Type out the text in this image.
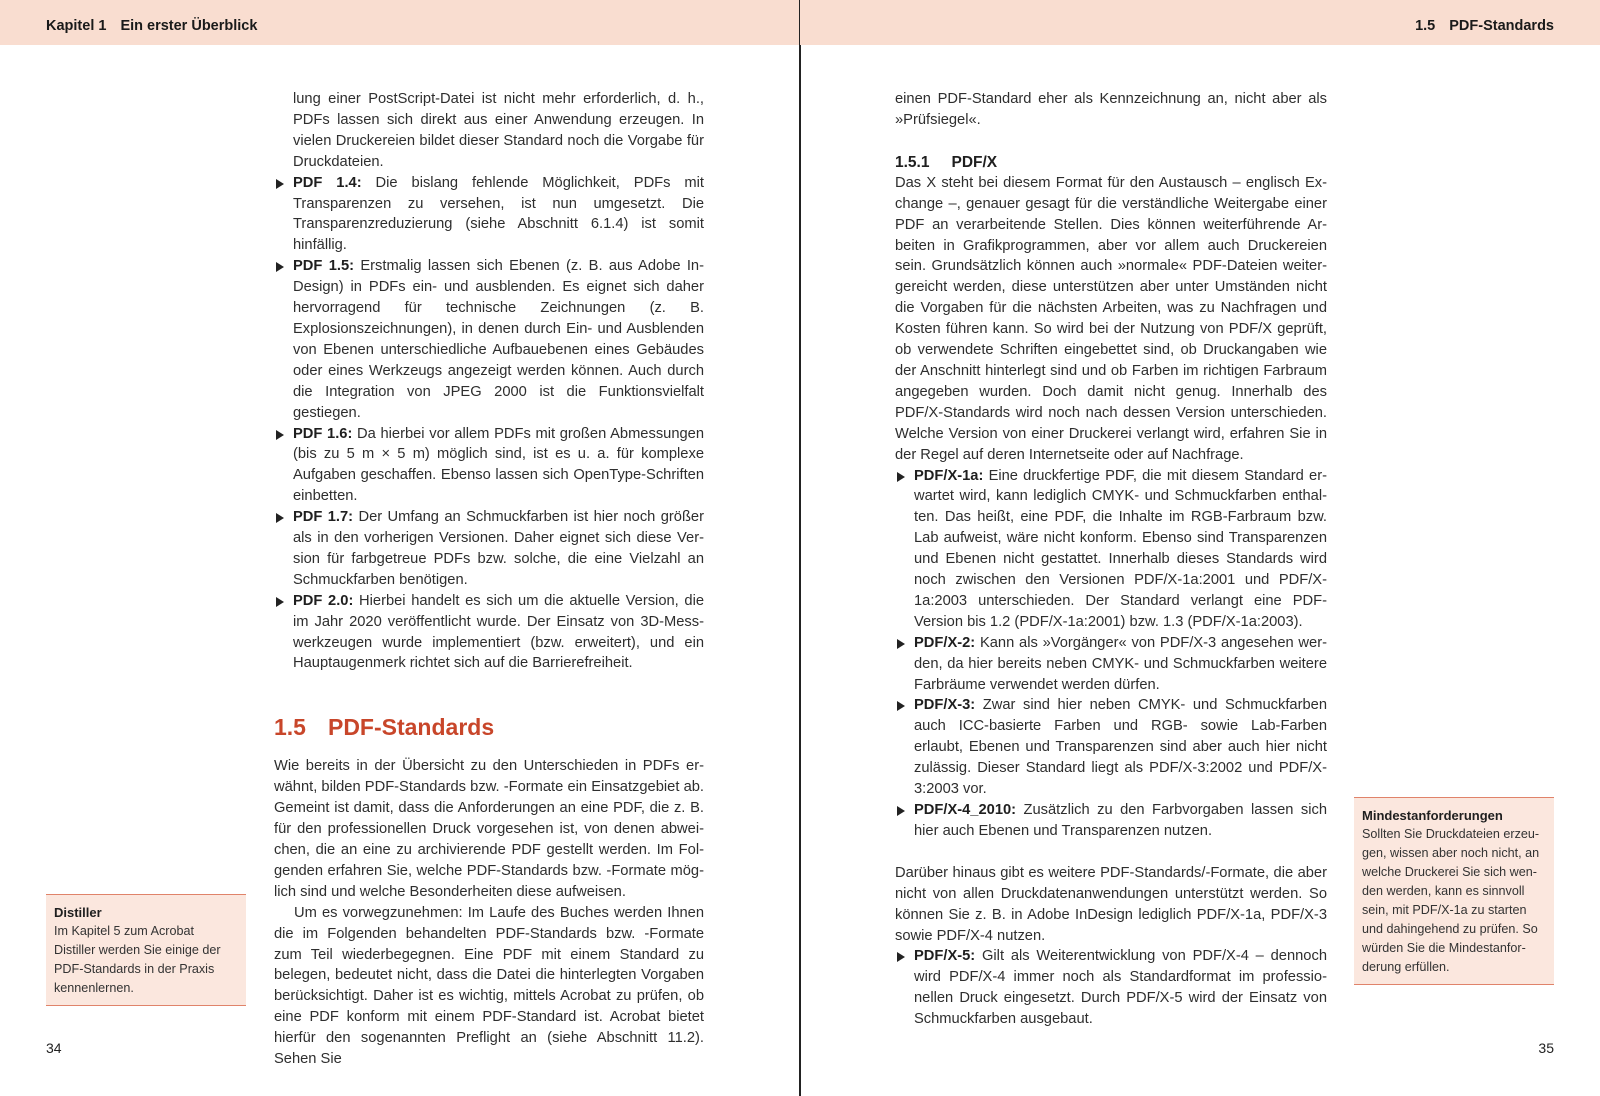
Kapitel 1 Ein erster Überblick

lung einer PostScript-Datei ist nicht mehr erforderlich, d. h., PDFs lassen sich direkt aus einer Anwendung erzeugen. In vielen Druckereien bildet dieser Standard noch die Vorgabe für Druckdateien.

PDF 1.4: Die bislang fehlende Möglichkeit, PDFs mit Transparenzen zu versehen, ist nun umgesetzt. Die Transparenzreduzierung (siehe Abschnitt 6.1.4) ist somit hinfällig.
PDF 1.5: Erstmalig lassen sich Ebenen (z. B. aus Adobe InDesign) in PDFs ein- und ausblenden. Es eignet sich daher hervorragend für technische Zeichnungen (z. B. Explosionszeichnungen), in denen durch Ein- und Ausblenden von Ebenen unterschiedliche Aufbauebenen eines Gebäudes oder eines Werkzeugs angezeigt werden können. Auch durch die Integration von JPEG 2000 ist die Funktionsvielfalt gestiegen.
PDF 1.6: Da hierbei vor allem PDFs mit großen Abmessungen (bis zu 5 m × 5 m) möglich sind, ist es u. a. für komplexe Aufgaben geschaffen. Ebenso lassen sich OpenType-Schriften einbetten.
PDF 1.7: Der Umfang an Schmuckfarben ist hier noch größer als in den vorherigen Versionen. Daher eignet sich diese Version für farbgetreue PDFs bzw. solche, die eine Vielzahl an Schmuckfarben benötigen.
PDF 2.0: Hierbei handelt es sich um die aktuelle Version, die im Jahr 2020 veröffentlicht wurde. Der Einsatz von 3D-Messwerkzeugen wurde implementiert (bzw. erweitert), und ein Hauptaugenmerk richtet sich auf die Barrierefreiheit.
1.5 PDF-Standards

Wie bereits in der Übersicht zu den Unterschieden in PDFs erwähnt, bilden PDF-Standards bzw. -Formate ein Einsatzgebiet ab. Gemeint ist damit, dass die Anforderungen an eine PDF, die z. B. für den professionellen Druck vorgesehen ist, von denen abweichen, die an eine zu archivierende PDF gestellt werden. Im Folgenden erfahren Sie, welche PDF-Standards bzw. -Formate möglich sind und welche Besonderheiten diese aufweisen.

Um es vorwegzunehmen: Im Laufe des Buches werden Ihnen die im Folgenden behandelten PDF-Standards bzw. -Formate zum Teil wiederbegegnen. Eine PDF mit einem Standard zu belegen, bedeutet nicht, dass die Datei die hinterlegten Vorgaben berücksichtigt. Daher ist es wichtig, mittels Acrobat zu prüfen, ob eine PDF konform mit einem PDF-Standard ist. Acrobat bietet hierfür den sogenannten Preflight an (siehe Abschnitt 11.2). Sehen Sie

Distiller
Im Kapitel 5 zum Acrobat Distiller werden Sie einige der PDF-Standards in der Praxis kennenlernen.
34
1.5 PDF-Standards

einen PDF-Standard eher als Kennzeichnung an, nicht aber als »Prüfsiegel«.

1.5.1 PDF/X

Das X steht bei diesem Format für den Austausch – englisch Exchange –, genauer gesagt für die verständliche Weitergabe einer PDF an verarbeitende Stellen. Dies können weiterführende Arbeiten in Grafikprogrammen, aber vor allem auch Druckereien sein. Grundsätzlich können auch »normale« PDF-Dateien weitergereicht werden, diese unterstützen aber unter Umständen nicht die Vorgaben für die nächsten Arbeiten, was zu Nachfragen und Kosten führen kann. So wird bei der Nutzung von PDF/X geprüft, ob verwendete Schriften eingebettet sind, ob Druckangaben wie der Anschnitt hinterlegt sind und ob Farben im richtigen Farbraum angegeben wurden. Doch damit nicht genug. Innerhalb des PDF/X-Standards wird noch nach dessen Version unterschieden. Welche Version von einer Druckerei verlangt wird, erfahren Sie in der Regel auf deren Internetseite oder auf Nachfrage.

PDF/X-1a: Eine druckfertige PDF, die mit diesem Standard erwartet wird, kann lediglich CMYK- und Schmuckfarben enthalten. Das heißt, eine PDF, die Inhalte im RGB-Farbraum bzw. Lab aufweist, wäre nicht konform. Ebenso sind Transparenzen und Ebenen nicht gestattet. Innerhalb dieses Standards wird noch zwischen den Versionen PDF/X-1a:2001 und PDF/X-1a:2003 unterschieden. Der Standard verlangt eine PDF-Version bis 1.2 (PDF/X-1a:2001) bzw. 1.3 (PDF/X-1a:2003).
PDF/X-2: Kann als »Vorgänger« von PDF/X-3 angesehen werden, da hier bereits neben CMYK- und Schmuckfarben weitere Farbräume verwendet werden dürfen.
PDF/X-3: Zwar sind hier neben CMYK- und Schmuckfarben auch ICC-basierte Farben und RGB- sowie Lab-Farben erlaubt, Ebenen und Transparenzen sind aber auch hier nicht zulässig. Dieser Standard liegt als PDF/X-3:2002 und PDF/X-3:2003 vor.
PDF/X-4_2010: Zusätzlich zu den Farbvorgaben lassen sich hier auch Ebenen und Transparenzen nutzen.

Darüber hinaus gibt es weitere PDF-Standards/-Formate, die aber nicht von allen Druckdatenanwendungen unterstützt werden. So können Sie z. B. in Adobe InDesign lediglich PDF/X-1a, PDF/X-3 sowie PDF/X-4 nutzen.

PDF/X-5: Gilt als Weiterentwicklung von PDF/X-4 – dennoch wird PDF/X-4 immer noch als Standardformat im professionellen Druck eingesetzt. Durch PDF/X-5 wird der Einsatz von Schmuckfarben ausgebaut.
Mindestanforderungen
Sollten Sie Druckdateien erzeugen, wissen aber noch nicht, an welche Druckerei Sie sich wenden werden, kann es sinnvoll sein, mit PDF/X-1a zu starten und dahingehend zu prüfen. So würden Sie die Mindestanforderung erfüllen.
35
